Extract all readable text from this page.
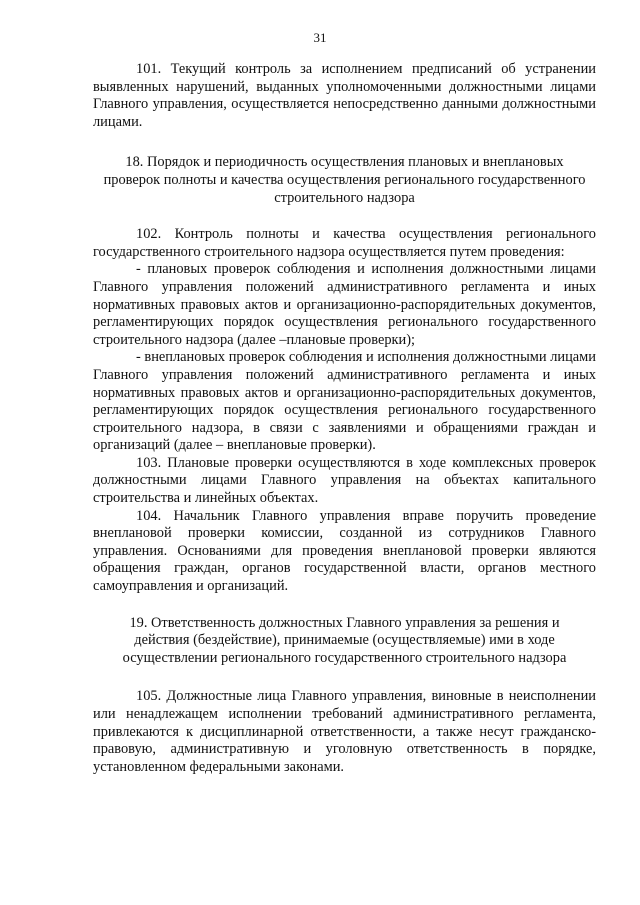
31

101. Текущий контроль за исполнением предписаний об устранении выявленных нарушений, выданных уполномоченными должностными лицами Главного управления, осуществляется непосредственно данными должностными лицами.

18. Порядок и периодичность осуществления плановых и внеплановых проверок полноты и качества осуществления регионального государственного строительного надзора

102. Контроль полноты и качества осуществления регионального государственного строительного надзора осуществляется путем проведения:

- плановых проверок соблюдения и исполнения должностными лицами Главного управления положений административного регламента и иных нормативных правовых актов и организационно-распорядительных документов, регламентирующих порядок осуществления регионального государственного строительного надзора (далее –плановые проверки);

- внеплановых проверок соблюдения и исполнения должностными лицами Главного управления положений административного регламента и иных нормативных правовых актов и организационно-распорядительных документов, регламентирующих порядок осуществления регионального государственного строительного надзора, в связи с заявлениями и обращениями граждан и организаций (далее – внеплановые проверки).

103. Плановые проверки осуществляются в ходе комплексных проверок должностными лицами Главного управления на объектах капитального строительства и линейных объектах.

104. Начальник Главного управления вправе поручить проведение внеплановой проверки комиссии, созданной из сотрудников Главного управления. Основаниями для проведения внеплановой проверки являются обращения граждан, органов государственной власти, органов местного самоуправления и организаций.

19. Ответственность должностных Главного управления за решения и действия (бездействие), принимаемые (осуществляемые) ими в ходе осуществлении регионального государственного строительного надзора

105. Должностные лица Главного управления, виновные в неисполнении или ненадлежащем исполнении требований административного регламента, привлекаются к дисциплинарной ответственности, а также несут гражданско-правовую, административную и уголовную ответственность в порядке, установленном федеральными законами.
